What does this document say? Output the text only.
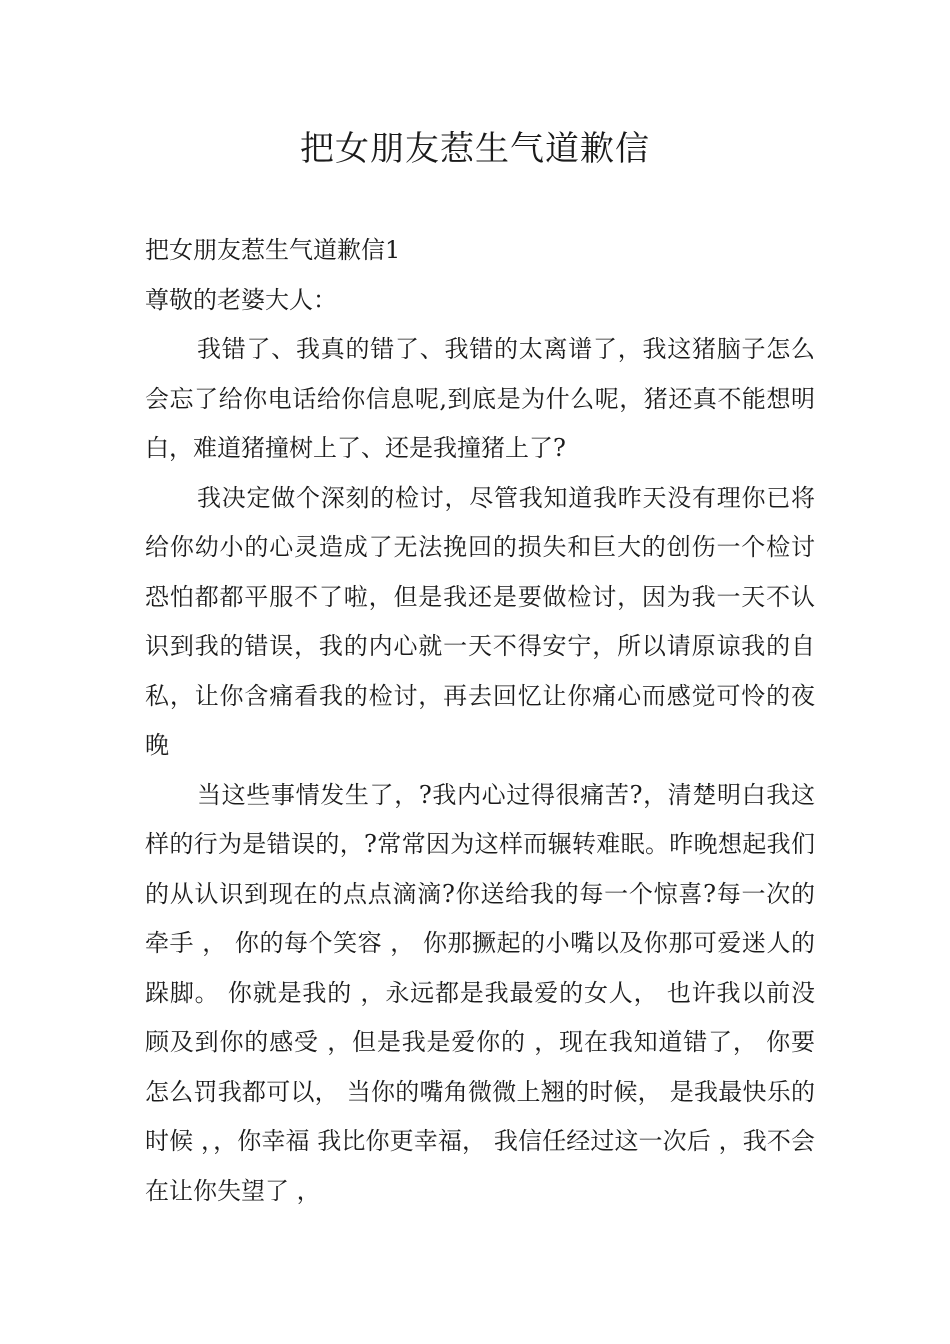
把女朋友惹生气道歉信

把女朋友惹生气道歉信1

尊敬的老婆大人：

我错了、我真的错了、我错的太离谱了，我这猪脑子怎么会忘了给你电话给你信息呢,到底是为什么呢，猪还真不能想明白，难道猪撞树上了、还是我撞猪上了?

我决定做个深刻的检讨，尽管我知道我昨天没有理你已将给你幼小的心灵造成了无法挽回的损失和巨大的创伤一个检讨恐怕都都平服不了啦，但是我还是要做检讨，因为我一天不认识到我的错误，我的内心就一天不得安宁，所以请原谅我的自私，让你含痛看我的检讨，再去回忆让你痛心而感觉可怜的夜晚

当这些事情发生了，?我内心过得很痛苦?，清楚明白我这样的行为是错误的，?常常因为这样而辗转难眠。昨晚想起我们的从认识到现在的点点滴滴?你送给我的每一个惊喜?每一次的牵手 ， 你的每个笑容 ， 你那撅起的小嘴以及你那可爱迷人的跺脚。 你就是我的 ，永远都是我最爱的女人， 也许我以前没顾及到你的感受 ，但是我是爱你的 ，现在我知道错了， 你要怎么罚我都可以， 当你的嘴角微微上翘的时候， 是我最快乐的时候 ，，你幸福 我比你更幸福， 我信任经过这一次后 ，我不会在让你失望了 ，
